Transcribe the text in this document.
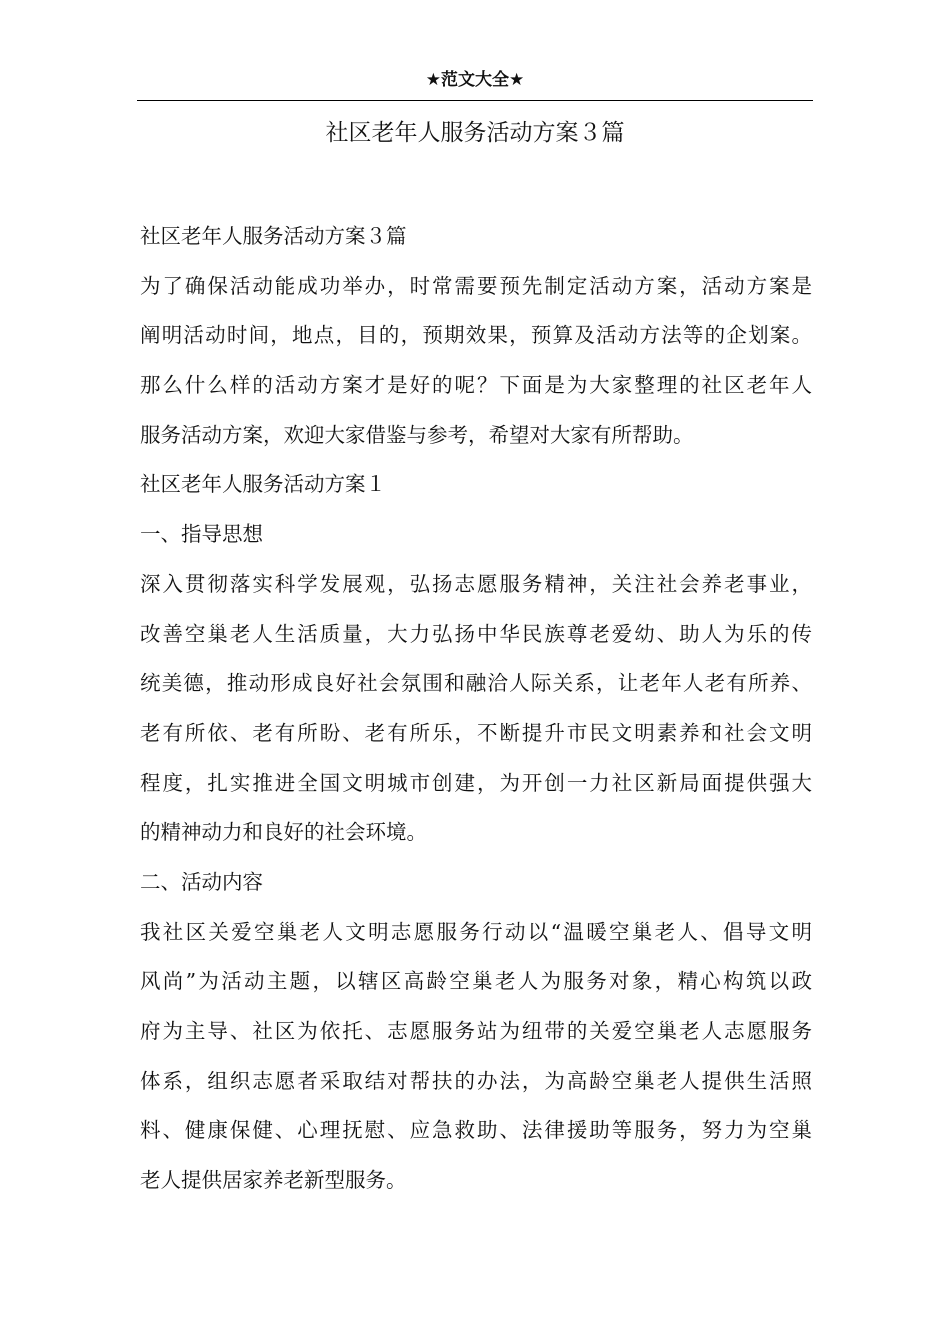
★范文大全★
社区老年人服务活动方案３篇

社区老年人服务活动方案３篇

为了确保活动能成功举办，时常需要预先制定活动方案，活动方案是

阐明活动时间，地点，目的，预期效果，预算及活动方法等的企划案。

那么什么样的活动方案才是好的呢？下面是为大家整理的社区老年人

服务活动方案，欢迎大家借鉴与参考，希望对大家有所帮助。

社区老年人服务活动方案１

一、指导思想

深入贯彻落实科学发展观，弘扬志愿服务精神，关注社会养老事业，

改善空巢老人生活质量，大力弘扬中华民族尊老爱幼、助人为乐的传

统美德，推动形成良好社会氛围和融洽人际关系，让老年人老有所养、

老有所依、老有所盼、老有所乐，不断提升市民文明素养和社会文明

程度，扎实推进全国文明城市创建，为开创一力社区新局面提供强大

的精神动力和良好的社会环境。

二、活动内容

我社区关爱空巢老人文明志愿服务行动以“温暖空巢老人、倡导文明

风尚”为活动主题，以辖区高龄空巢老人为服务对象，精心构筑以政

府为主导、社区为依托、志愿服务站为纽带的关爱空巢老人志愿服务

体系，组织志愿者采取结对帮扶的办法，为高龄空巢老人提供生活照

料、健康保健、心理抚慰、应急救助、法律援助等服务，努力为空巢

老人提供居家养老新型服务。
